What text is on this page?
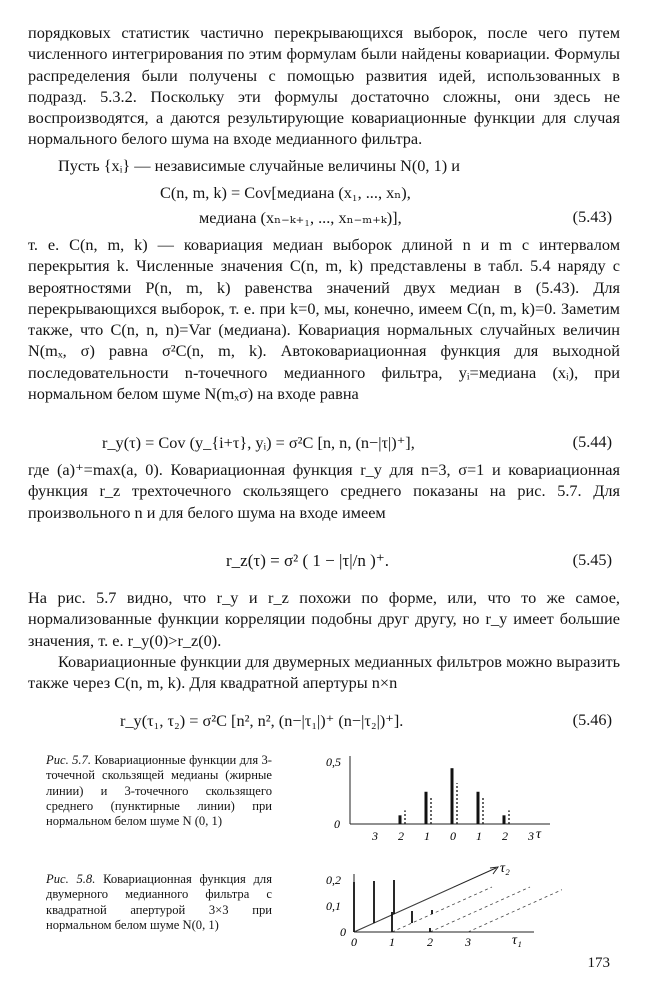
порядковых статистик частично перекрывающихся выборок, после чего путем численного интегрирования по этим формулам были найдены ковариации. Формулы распределения были получены с помощью развития идей, использованных в подразд. 5.3.2. Поскольку эти формулы достаточно сложны, они здесь не воспроизводятся, а даются результирующие ковариационные функции для случая нормального белого шума на входе медианного фильтра.

Пусть {xᵢ} — независимые случайные величины N(0, 1) и

C(n, m, k) = Cov[медиана (x₁, ..., xₙ),
медиана (xₙ₋ₖ₊₁, ..., xₙ₋ₘ₊ₖ)],	(5.43)

т. е. C(n, m, k) — ковариация медиан выборок длиной n и m с интервалом перекрытия k. Численные значения C(n, m, k) представлены в табл. 5.4 наряду с вероятностями P(n, m, k) равенства значений двух медиан в (5.43). Для перекрывающихся выборок, т. е. при k=0, мы, конечно, имеем C(n, m, k)=0. Заметим также, что C(n, n, n)=Var (медиана). Ковариация нормальных случайных величин N(mₓ, σ) равна σ²C(n, m, k). Автоковариационная функция для выходной последовательности n-точечного медианного фильтра, yᵢ=медиана (xᵢ), при нормальном белом шуме N(mₓσ) на входе равна

r_y(τ) = Cov (y_{i+τ}, yᵢ) = σ²C [n, n, (n−|τ|)⁺],	(5.44)

где (a)⁺=max(a, 0). Ковариационная функция r_y для n=3, σ=1 и ковариационная функция r_z трехточечного скользящего среднего показаны на рис. 5.7. Для произвольного n и для белого шума на входе имеем

r_z(τ) = σ² ( 1 − |τ|/n )⁺.	(5.45)

На рис. 5.7 видно, что r_y и r_z похожи по форме, или, что то же самое, нормализованные функции корреляции подобны друг другу, но r_y имеет большие значения, т. е. r_y(0)>r_z(0).

Ковариационные функции для двумерных медианных фильтров можно выразить также через C(n, m, k). Для квадратной апертуры n×n

r_y(τ₁, τ₂) = σ²C [n², n², (n−|τ₁|)⁺ (n−|τ₂|)⁺].	(5.46)

Рис. 5.7. Ковариационные функции для 3-точечной скользящей медианы (жирные линии) и 3-точечного скользящего среднего (пунктирные линии) при нормальном белом шуме N (0, 1)

0,5
0
3 2 1 0 1 2 3 τ

Рис. 5.8. Ковариационная функция для двумерного медианного фильтра с квадратной апертурой 3×3 при нормальном белом шуме N(0, 1)

0,2
0,1
0
0	1	2	3	τ₁
τ₂
173
